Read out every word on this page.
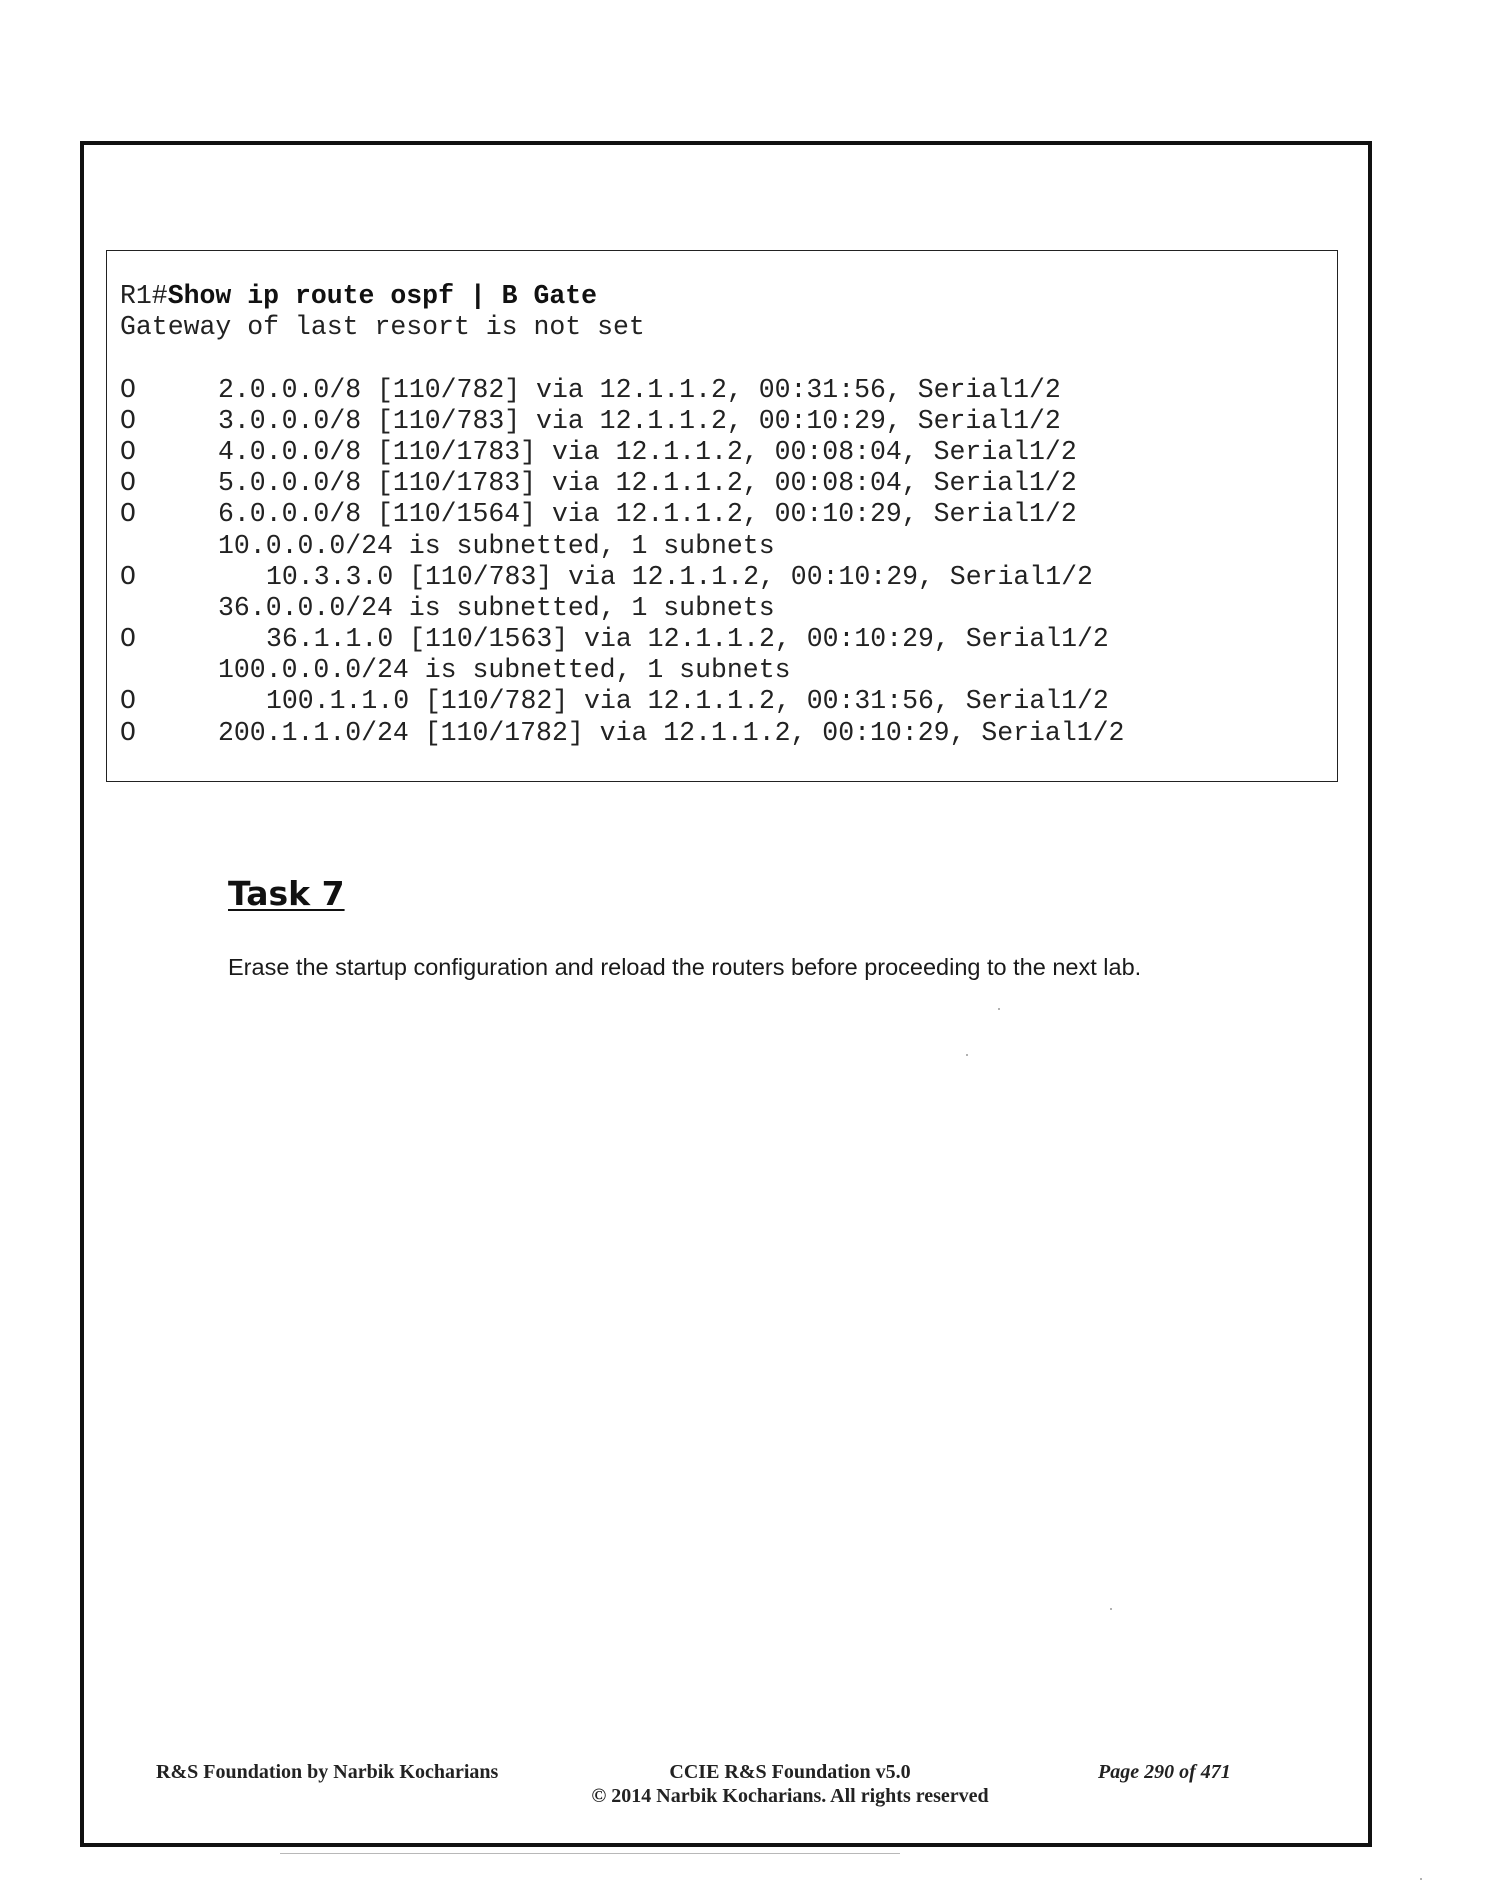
R1#Show ip route ospf | B Gate
Gateway of last resort is not set
O	2.0.0.0/8 [110/782] via 12.1.1.2, 00:31:56, Serial1/2
O	3.0.0.0/8 [110/783] via 12.1.1.2, 00:10:29, Serial1/2
O	4.0.0.0/8 [110/1783] via 12.1.1.2, 00:08:04, Serial1/2
O	5.0.0.0/8 [110/1783] via 12.1.1.2, 00:08:04, Serial1/2
O	6.0.0.0/8 [110/1564] via 12.1.1.2, 00:10:29, Serial1/2
10.0.0.0/24 is subnetted, 1 subnets
O	10.3.3.0 [110/783] via 12.1.1.2, 00:10:29, Serial1/2
36.0.0.0/24 is subnetted, 1 subnets
O	36.1.1.0 [110/1563] via 12.1.1.2, 00:10:29, Serial1/2
100.0.0.0/24 is subnetted, 1 subnets
O	100.1.1.0 [110/782] via 12.1.1.2, 00:31:56, Serial1/2
O	200.1.1.0/24 [110/1782] via 12.1.1.2, 00:10:29, Serial1/2
Task 7

Erase the startup configuration and reload the routers before proceeding to the next lab.

R&S Foundation by Narbik Kocharians	CCIE R&S Foundation v5.0
© 2014 Narbik Kocharians. All rights reserved
Page 290 of 471
